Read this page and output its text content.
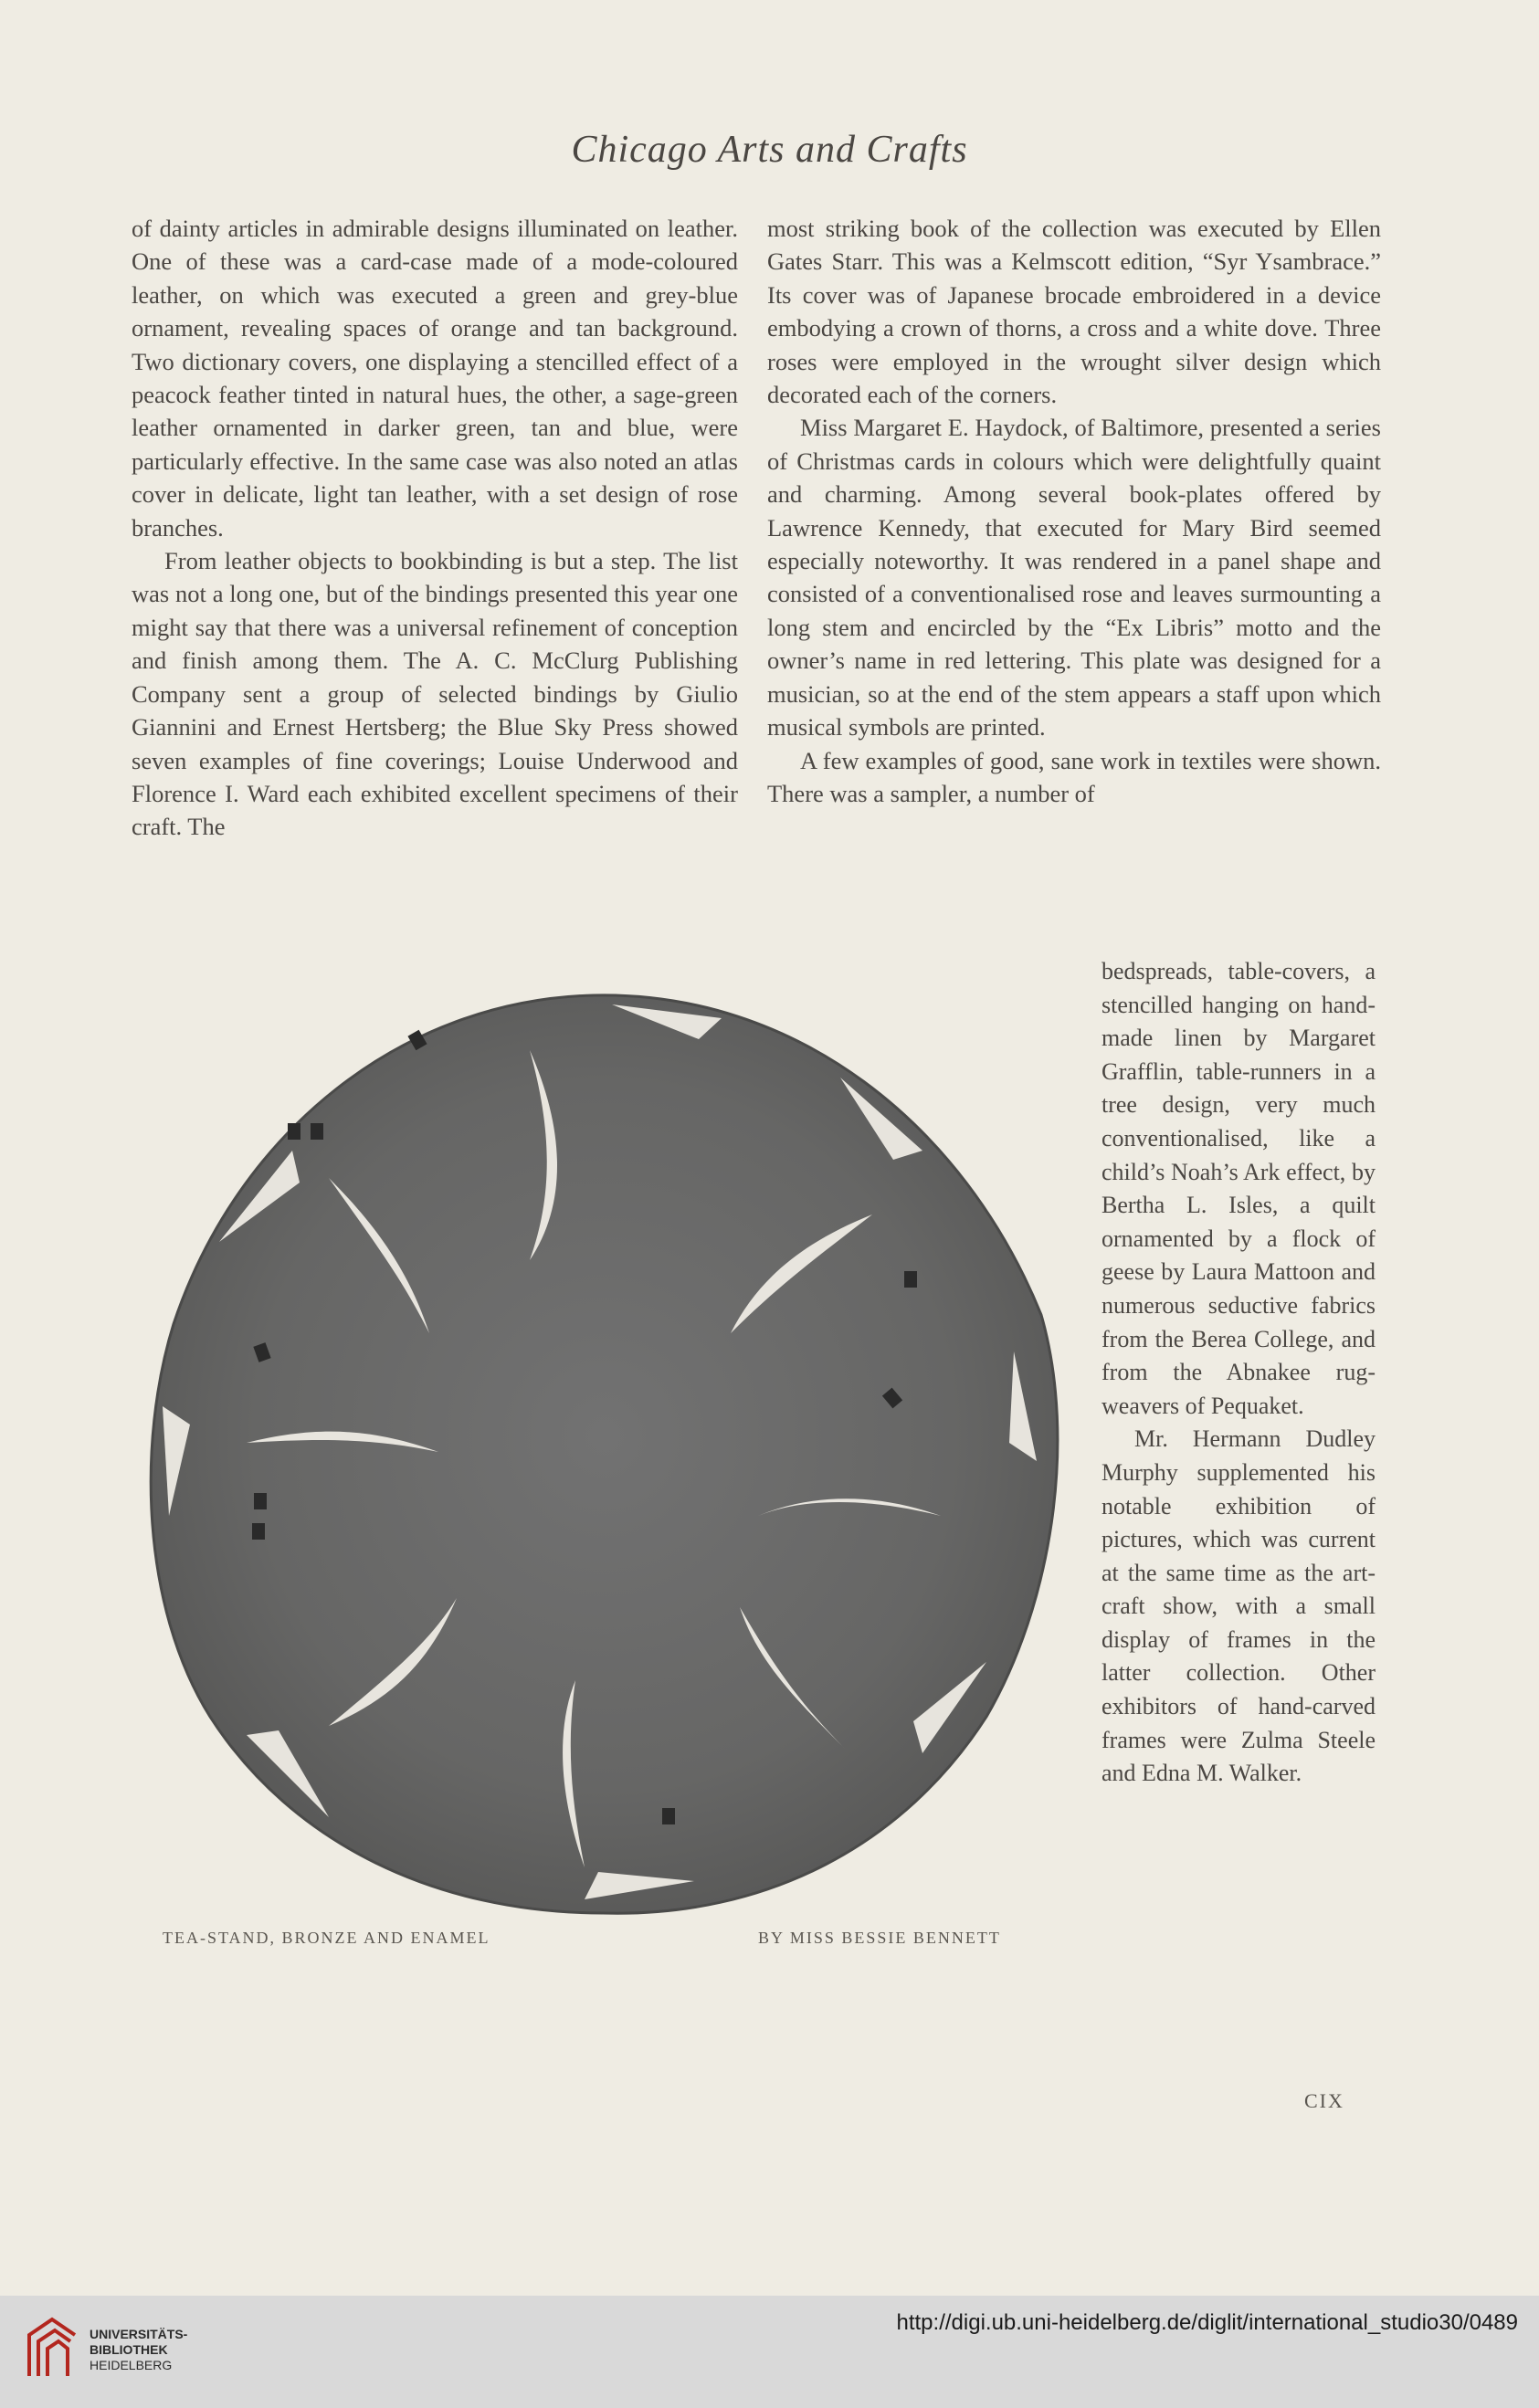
Chicago Arts and Crafts

of dainty articles in admirable designs illuminated on leather. One of these was a card-case made of a mode-coloured leather, on which was executed a green and grey-blue ornament, revealing spaces of orange and tan background. Two dictionary covers, one displaying a stencilled effect of a peacock feather tinted in natural hues, the other, a sage-green leather ornamented in darker green, tan and blue, were particularly effective. In the same case was also noted an atlas cover in delicate, light tan leather, with a set design of rose branches.

From leather objects to bookbinding is but a step. The list was not a long one, but of the bindings presented this year one might say that there was a universal refinement of conception and finish among them. The A. C. McClurg Publishing Company sent a group of selected bindings by Giulio Giannini and Ernest Hertsberg; the Blue Sky Press showed seven examples of fine coverings; Louise Underwood and Florence I. Ward each exhibited excellent specimens of their craft. The

most striking book of the collection was executed by Ellen Gates Starr. This was a Kelmscott edition, “Syr Ysambrace.” Its cover was of Japanese brocade embroidered in a device embodying a crown of thorns, a cross and a white dove. Three roses were employed in the wrought silver design which decorated each of the corners.

Miss Margaret E. Haydock, of Baltimore, presented a series of Christmas cards in colours which were delightfully quaint and charming. Among several book-plates offered by Lawrence Kennedy, that executed for Mary Bird seemed especially noteworthy. It was rendered in a panel shape and consisted of a conventionalised rose and leaves surmounting a long stem and encircled by the “Ex Libris” motto and the owner’s name in red lettering. This plate was designed for a musician, so at the end of the stem appears a staff upon which musical symbols are printed.

A few examples of good, sane work in textiles were shown. There was a sampler, a number of

bedspreads, table-covers, a stencilled hanging on hand-made linen by Margaret Grafflin, table-runners in a tree design, very much conventionalised, like a child’s Noah’s Ark effect, by Bertha L. Isles, a quilt ornamented by a flock of geese by Laura Mattoon and numerous seductive fabrics from the Berea College, and from the Abnakee rug-weavers of Pequaket.

Mr. Hermann Dudley Murphy supplemented his notable exhibition of pictures, which was current at the same time as the art-craft show, with a small display of frames in the latter collection. Other exhibitors of hand-carved frames were Zulma Steele and Edna M. Walker.

TEA-STAND, BRONZE AND ENAMEL	BY MISS BESSIE BENNETT
CIX
UNIVERSITÄTS-
BIBLIOTHEK
HEIDELBERG
http://digi.ub.uni-heidelberg.de/diglit/international_studio30/0489
